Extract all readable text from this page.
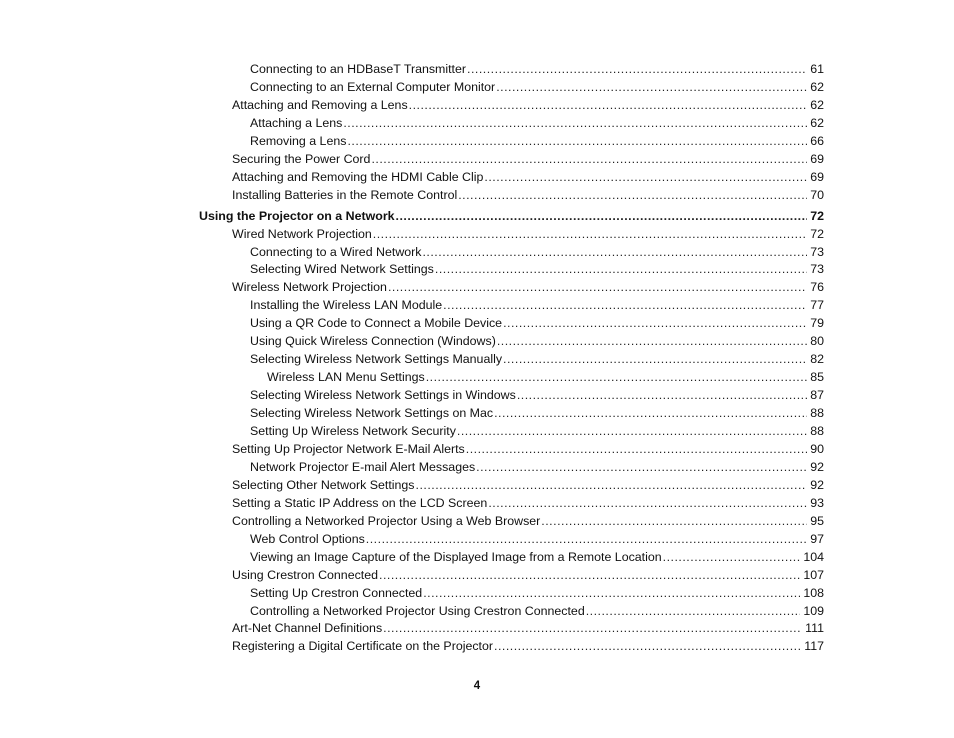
Connecting to an HDBaseT Transmitter .....	61
Connecting to an External Computer Monitor .....	62
Attaching and Removing a Lens .....	62
Attaching a Lens .....	62
Removing a Lens .....	66
Securing the Power Cord .....	69
Attaching and Removing the HDMI Cable Clip .....	69
Installing Batteries in the Remote Control .....	70
Using the Projector on a Network .....	72
Wired Network Projection .....	72
Connecting to a Wired Network .....	73
Selecting Wired Network Settings .....	73
Wireless Network Projection .....	76
Installing the Wireless LAN Module .....	77
Using a QR Code to Connect a Mobile Device .....	79
Using Quick Wireless Connection (Windows) .....	80
Selecting Wireless Network Settings Manually .....	82
Wireless LAN Menu Settings .....	85
Selecting Wireless Network Settings in Windows .....	87
Selecting Wireless Network Settings on Mac .....	88
Setting Up Wireless Network Security .....	88
Setting Up Projector Network E-Mail Alerts .....	90
Network Projector E-mail Alert Messages .....	92
Selecting Other Network Settings .....	92
Setting a Static IP Address on the LCD Screen .....	93
Controlling a Networked Projector Using a Web Browser .....	95
Web Control Options .....	97
Viewing an Image Capture of the Displayed Image from a Remote Location .....	104
Using Crestron Connected .....	107
Setting Up Crestron Connected .....	108
Controlling a Networked Projector Using Crestron Connected .....	109
Art-Net Channel Definitions .....	111
Registering a Digital Certificate on the Projector .....	117
4
